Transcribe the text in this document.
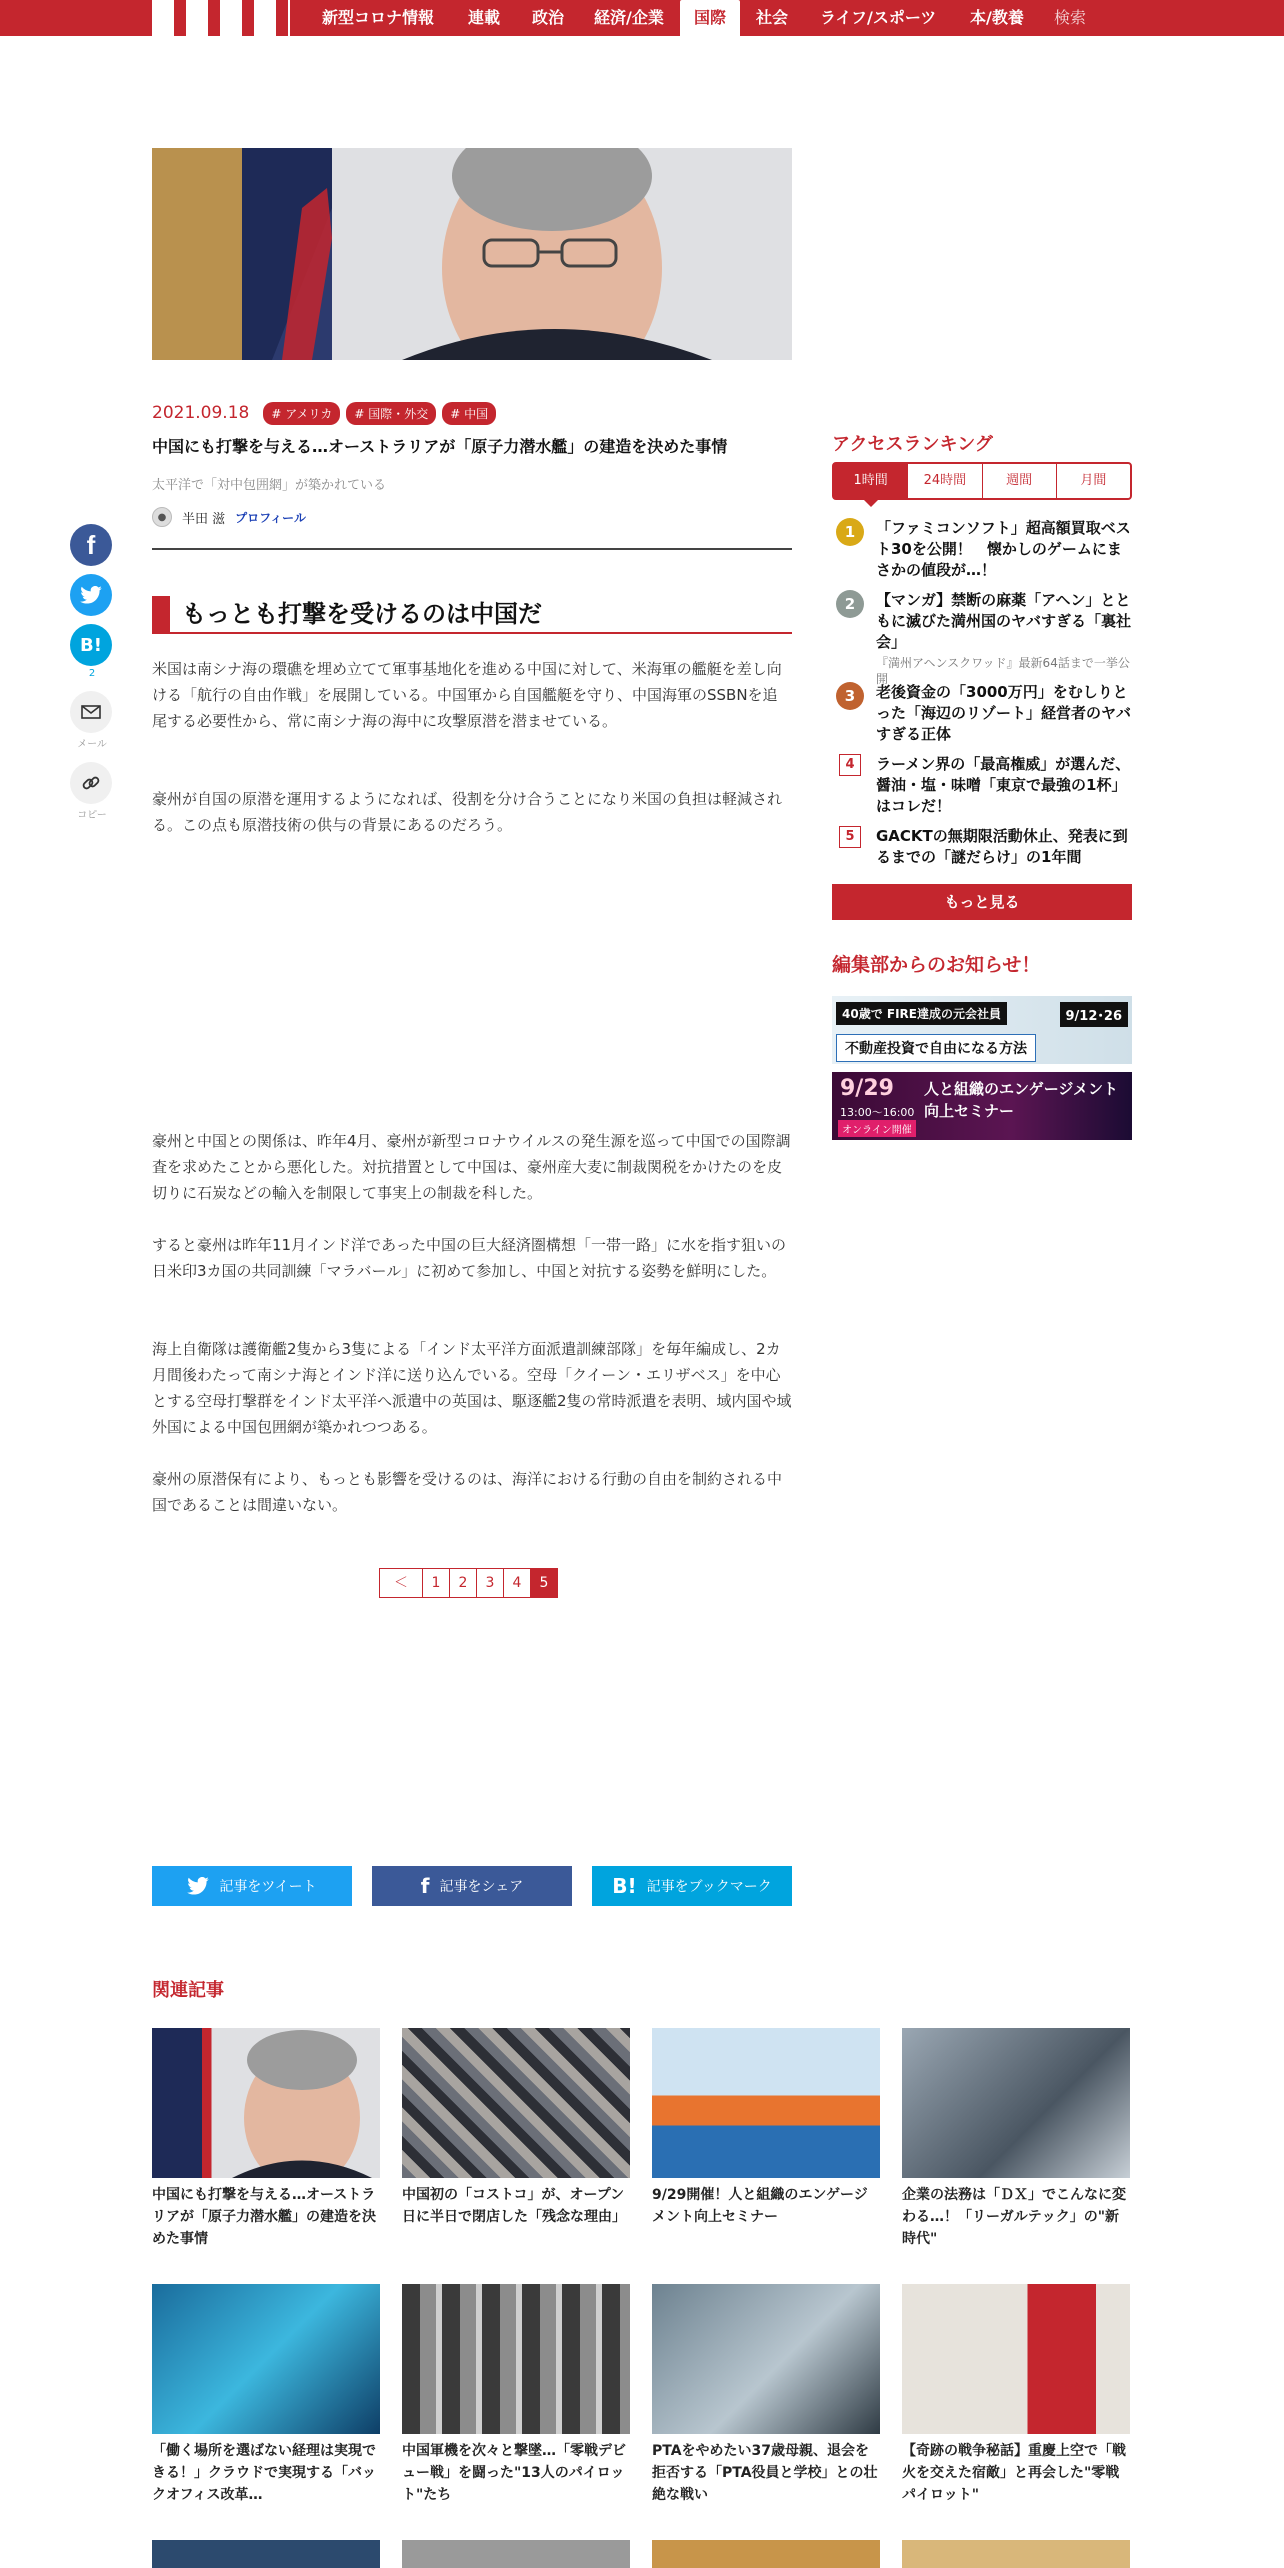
新型コロナ情報 連載 政治 経済/企業	国際	社会 ライフ/スポーツ 本/教養 検索
2021.09.18	# アメリカ	# 国際・外交	# 中国
中国にも打撃を与える…オーストラリアが「原子力潜水艦」の建造を決めた事情
太平洋で「対中包囲網」が築かれている
●	半田 滋 プロフィール
f
B!
2
メール
コピー
もっとも打撃を受けるのは中国だ
米国は南シナ海の環礁を埋め立てて軍事基地化を進める中国に対して、米海軍の艦艇を差し向ける「航行の自由作戦」を展開している。中国軍から自国艦艇を守り、中国海軍のSSBNを追尾する必要性から、常に南シナ海の海中に攻撃原潜を潜ませている。
豪州が自国の原潜を運用するようになれば、役割を分け合うことになり米国の負担は軽減される。この点も原潜技術の供与の背景にあるのだろう。
豪州と中国との関係は、昨年4月、豪州が新型コロナウイルスの発生源を巡って中国での国際調査を求めたことから悪化した。対抗措置として中国は、豪州産大麦に制裁関税をかけたのを皮切りに石炭などの輸入を制限して事実上の制裁を科した。
すると豪州は昨年11月インド洋であった中国の巨大経済圏構想「一帯一路」に水を指す狙いの日米印3カ国の共同訓練「マラバール」に初めて参加し、中国と対抗する姿勢を鮮明にした。
海上自衛隊は護衛艦2隻から3隻による「インド太平洋方面派遣訓練部隊」を毎年編成し、2カ月間後わたって南シナ海とインド洋に送り込んでいる。空母「クイーン・エリザベス」を中心とする空母打撃群をインド太平洋へ派遣中の英国は、駆逐艦2隻の常時派遣を表明、域内国や域外国による中国包囲網が築かれつつある。
豪州の原潜保有により、もっとも影響を受けるのは、海洋における行動の自由を制約される中国であることは間違いない。
＜	1	2	3	4	5
記事をツイート	f 記事をシェア	B! 記事をブックマーク
関連記事
中国にも打撃を与える…オーストラリアが「原子力潜水艦」の建造を決めた事情
中国初の「コストコ」が、オープン日に半日で閉店した「残念な理由」
9/29開催！人と組織のエンゲージメント向上セミナー
企業の法務は「ＤＸ」でこんなに変わる…！「リーガルテック」の"新時代"
「働く場所を選ばない経理は実現できる！」クラウドで実現する「バックオフィス改革…
中国軍機を次々と撃墜…「零戦デビュー戦」を闘った"13人のパイロット"たち
PTAをやめたい37歳母親、退会を拒否する「PTA役員と学校」との壮絶な戦い
【奇跡の戦争秘話】重慶上空で「戦火を交えた宿敵」と再会した"零戦パイロット"
アクセスランキング
1時間	24時間	週間	月間
1	「ファミコンソフト」超高額買取ベスト30を公開！　懐かしのゲームにまさかの値段が…！
2	【マンガ】禁断の麻薬「アヘン」とともに滅びた満州国のヤバすぎる「裏社会」
『満州アヘンスクワッド』最新64話まで一挙公開
3	老後資金の「3000万円」をむしりとった「海辺のリゾート」経営者のヤバすぎる正体
4	ラーメン界の「最高権威」が選んだ、醤油・塩・味噌「東京で最強の1杯」はコレだ！
5	GACKTの無期限活動休止、発表に到るまでの「謎だらけ」の1年間
もっと見る
編集部からのお知らせ！
40歳で FIRE達成の元会社員
不動産投資で自由になる方法
9/12･26
9/29
13:00〜16:00
オンライン開催
人と組織のエンゲージメント
向上セミナー
